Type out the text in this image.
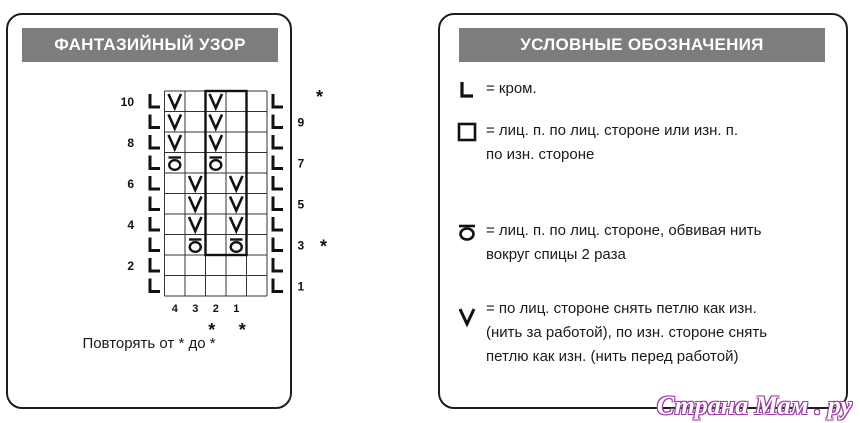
ФАНТАЗИЙНЫЙ УЗОР
10
8
6
4
2
9
7
5
3
1
4 3 2 1
*
*
* *
Повторять от * до *
УСЛОВНЫЕ ОБОЗНАЧЕНИЯ
= кром.
= лиц. п. по лиц. стороне или изн. п.
по изн. стороне
= лиц. п. по лиц. стороне, обвивая нить
вокруг спицы 2 раза
= по лиц. стороне снять петлю как изн.
(нить за работой), по изн. стороне снять
петлю как изн. (нить перед работой)
Страна Мам . ру
